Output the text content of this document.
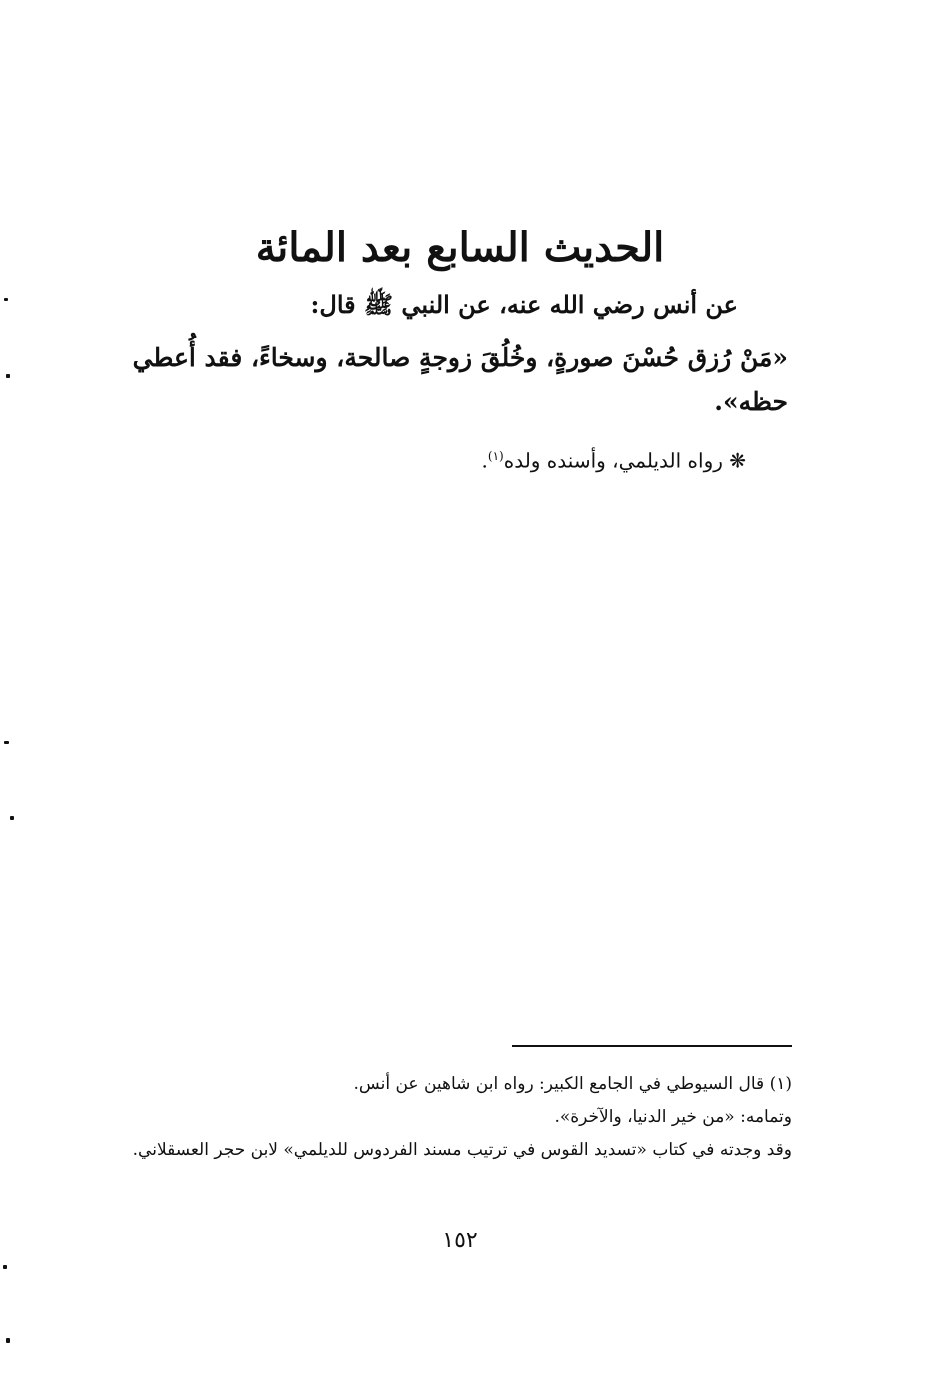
الحديث السابع بعد المائة
عن أنس رضي الله عنه، عن النبي ﷺ قال:
«مَنْ رُزق حُسْنَ صورةٍ، وخُلُقَ زوجةٍ صالحة، وسخاءً، فقد أُعطي حظه».
❋ رواه الديلمي، وأسنده ولده$^{(١)}$.
(١) قال السيوطي في الجامع الكبير: رواه ابن شاهين عن أنس.
وتمامه: «من خير الدنيا، والآخرة».
وقد وجدته في كتاب «تسديد القوس في ترتيب مسند الفردوس للديلمي» لابن حجر العسقلاني.
١٥٢
